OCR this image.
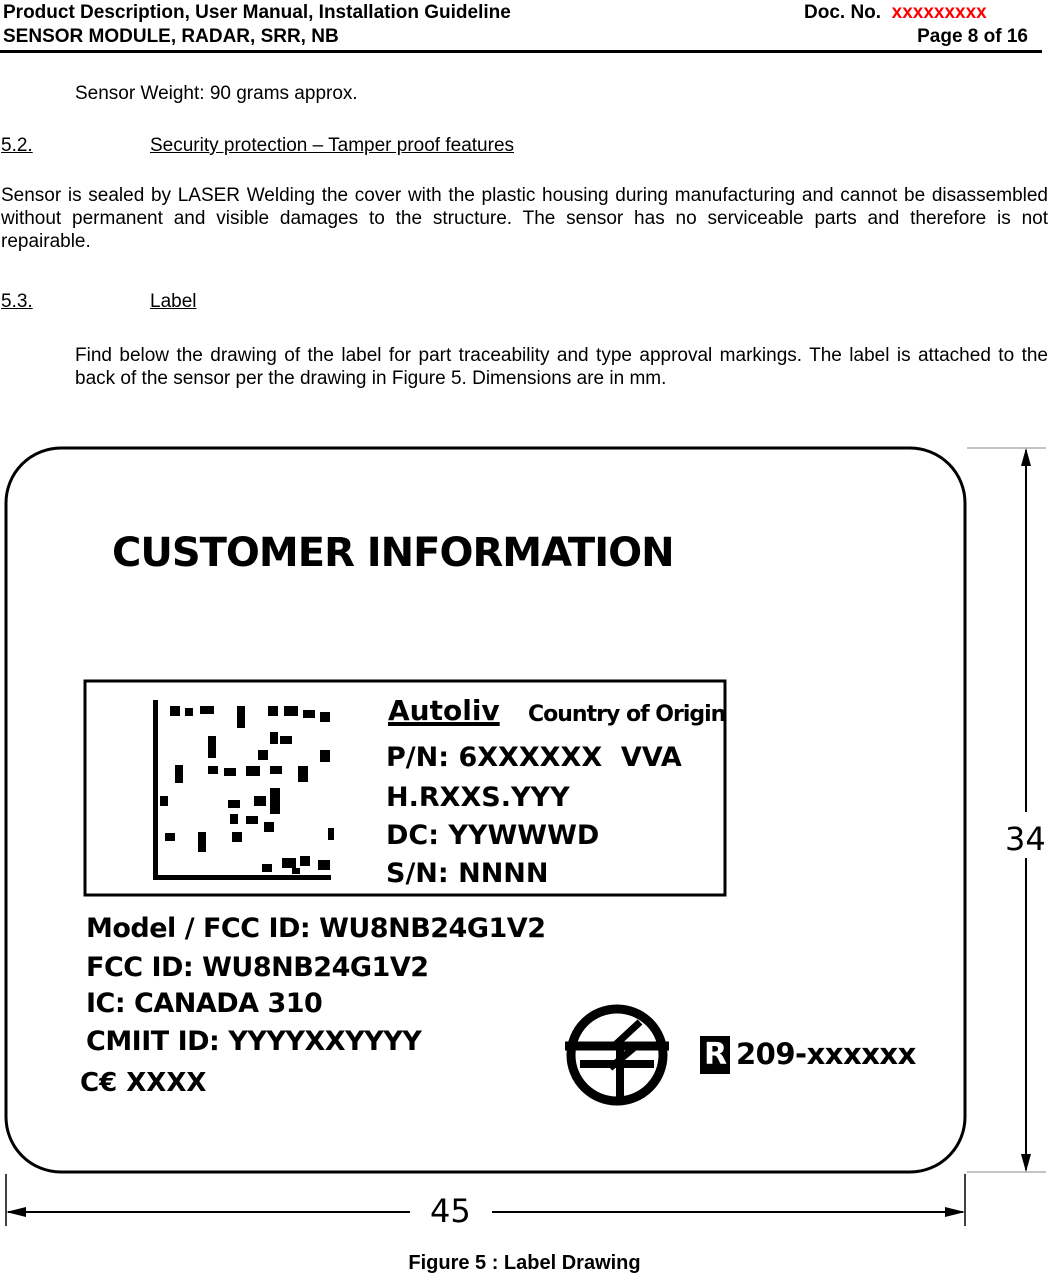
Product Description, User Manual, Installation Guideline
SENSOR MODULE, RADAR, SRR, NB
Doc. No. xxxxxxxxx
Page 8 of 16
Sensor Weight: 90 grams approx.
5.2.	Security protection – Tamper proof features
Sensor is sealed by LASER Welding the cover with the plastic housing during manufacturing and cannot be disassembled without permanent and visible damages to the structure. The sensor has no serviceable parts and therefore is not repairable.
5.3.	Label
Find below the drawing of the label for part traceability and type approval markings. The label is attached to the back of the sensor per the drawing in Figure 5. Dimensions are in mm.
CUSTOMER INFORMATION
Autoliv Country of Origin
P/N: 6XXXXXX  VVA
H.RXXS.YYY
DC: YYWWWD
S/N: NNNN
Model / FCC ID: WU8NB24G1V2
FCC ID: WU8NB24G1V2
IC: CANADA 310
CMIIT ID: YYYYXXYYYY
C€ XXXX
R 209-xxxxxx
34
45
Figure 5 : Label Drawing
